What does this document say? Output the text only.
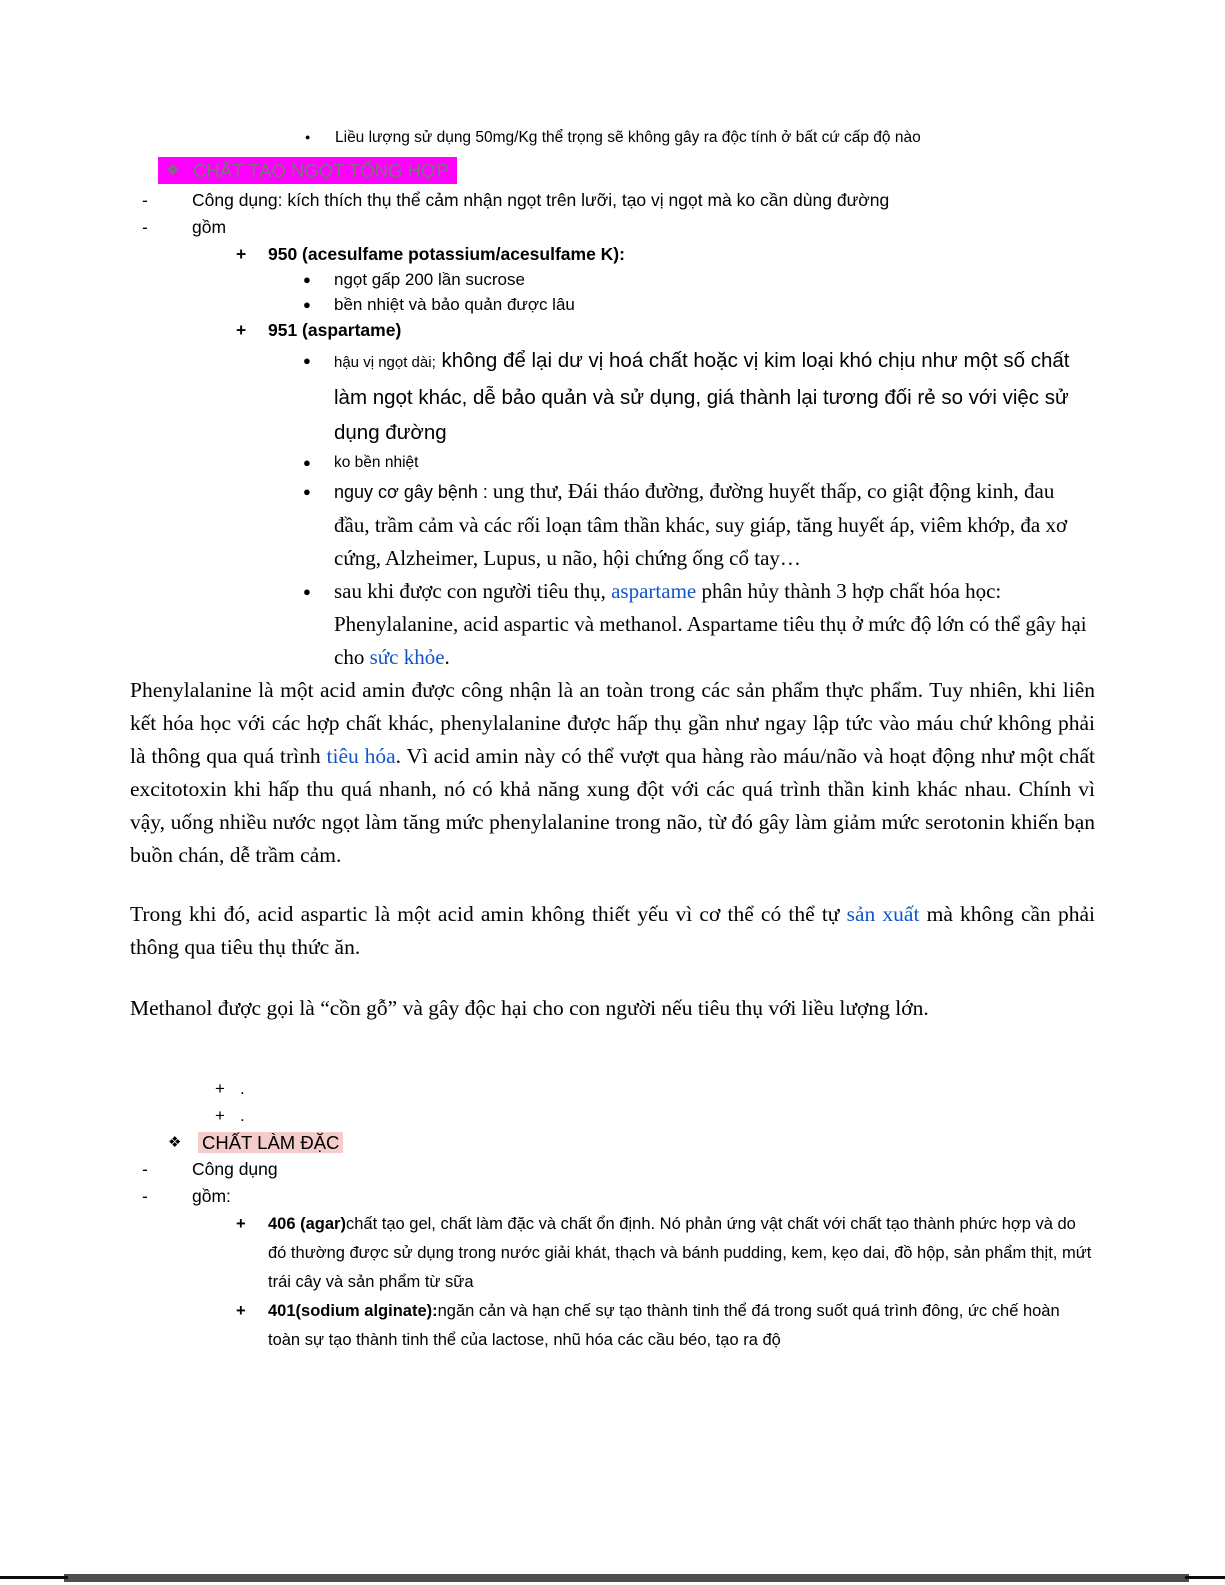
●	Liều lượng sử dụng 50mg/Kg thể trọng sẽ không gây ra độc tính ở bất cứ cấp độ nào
❖ CHẤT TẠO NGỌT TỔNG HỢP
-	Công dụng: kích thích thụ thể cảm nhận ngọt trên lưỡi, tạo vị ngọt mà ko cần dùng đường
-	gồm
+	950 (acesulfame potassium/acesulfame K):
●	ngọt gấp 200 lần sucrose
●	bền nhiệt và bảo quản được lâu
+	951 (aspartame)
●	hậu vị ngọt dài; không để lại dư vị hoá chất hoặc vị kim loại khó chịu như một số chất làm ngọt khác, dễ bảo quản và sử dụng, giá thành lại tương đối rẻ so với việc sử dụng đường
●	ko bền nhiệt
●	nguy cơ gây bệnh : ung thư, Đái tháo đường, đường huyết thấp, co giật động kinh, đau đầu, trầm cảm và các rối loạn tâm thần khác, suy giáp, tăng huyết áp, viêm khớp, đa xơ cứng, Alzheimer, Lupus, u não, hội chứng ống cổ tay…
●	sau khi được con người tiêu thụ, aspartame phân hủy thành 3 hợp chất hóa học: Phenylalanine, acid aspartic và methanol. Aspartame tiêu thụ ở mức độ lớn có thể gây hại cho sức khỏe.
Phenylalanine là một acid amin được công nhận là an toàn trong các sản phẩm thực phẩm. Tuy nhiên, khi liên kết hóa học với các hợp chất khác, phenylalanine được hấp thụ gần như ngay lập tức vào máu chứ không phải là thông qua quá trình tiêu hóa. Vì acid amin này có thể vượt qua hàng rào máu/não và hoạt động như một chất excitotoxin khi hấp thu quá nhanh, nó có khả năng xung đột với các quá trình thần kinh khác nhau. Chính vì vậy, uống nhiều nước ngọt làm tăng mức phenylalanine trong não, từ đó gây làm giảm mức serotonin khiến bạn buồn chán, dễ trầm cảm.
Trong khi đó, acid aspartic là một acid amin không thiết yếu vì cơ thể có thể tự sản xuất mà không cần phải thông qua tiêu thụ thức ăn.
Methanol được gọi là “cồn gỗ” và gây độc hại cho con người nếu tiêu thụ với liều lượng lớn.
+ .
+ .
❖	CHẤT LÀM ĐẶC
-	Công dụng
-	gồm:
+	406 (agar)chất tạo gel, chất làm đặc và chất ổn định. Nó phản ứng vật chất với chất tạo thành phức hợp và do đó thường được sử dụng trong nước giải khát, thạch và bánh pudding, kem, kẹo dai, đồ hộp, sản phẩm thịt, mứt trái cây và sản phẩm từ sữa
+	401(sodium alginate):ngăn cản và hạn chế sự tạo thành tinh thể đá trong suốt quá trình đông, ức chế hoàn toàn sự tạo thành tinh thể của lactose, nhũ hóa các cầu béo, tạo ra độ
